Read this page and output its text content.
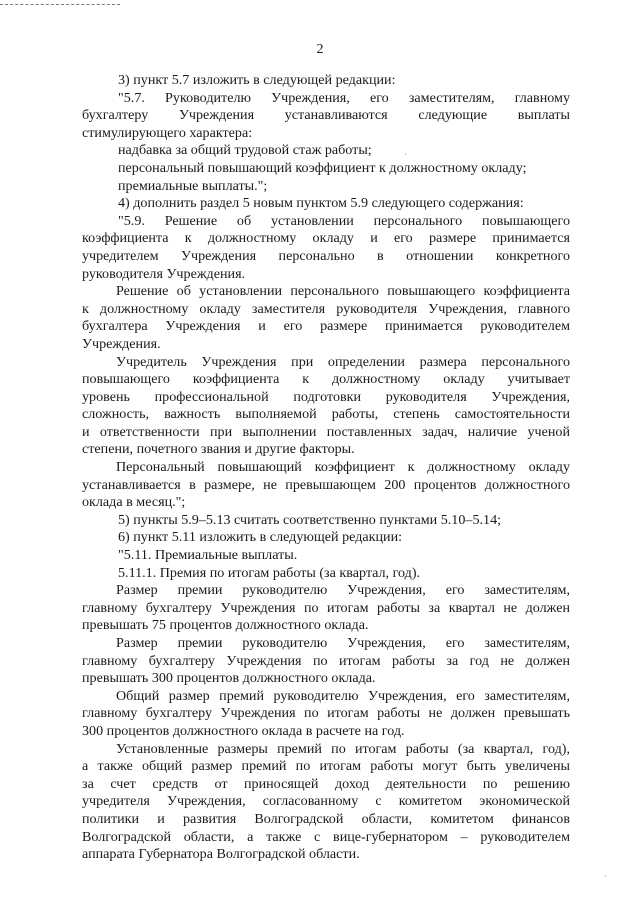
2

3) пункт 5.7 изложить в следующей редакции:

"5.7. Руководителю Учреждения, его заместителям, главному

бухгалтеру Учреждения устанавливаются следующие выплаты

стимулирующего характера:

надбавка за общий трудовой стаж работы;

персональный повышающий коэффициент к должностному окладу;

премиальные выплаты.";

4) дополнить раздел 5 новым пунктом 5.9 следующего содержания:

"5.9. Решение об установлении персонального повышающего

коэффициента к должностному окладу и его размере принимается

учредителем Учреждения персонально в отношении конкретного

руководителя Учреждения.

Решение об установлении персонального повышающего коэффициента

к должностному окладу заместителя руководителя Учреждения, главного

бухгалтера Учреждения и его размере принимается руководителем

Учреждения.

Учредитель Учреждения при определении размера персонального

повышающего коэффициента к должностному окладу учитывает

уровень профессиональной подготовки руководителя Учреждения,

сложность, важность выполняемой работы, степень самостоятельности

и ответственности при выполнении поставленных задач, наличие ученой

степени, почетного звания и другие факторы.

Персональный повышающий коэффициент к должностному окладу

устанавливается в размере, не превышающем 200 процентов должностного

оклада в месяц.";

5) пункты 5.9–5.13 считать соответственно пунктами 5.10–5.14;

6) пункт 5.11 изложить в следующей редакции:

"5.11. Премиальные выплаты.

5.11.1. Премия по итогам работы (за квартал, год).

Размер премии руководителю Учреждения, его заместителям,

главному бухгалтеру Учреждения по итогам работы за квартал не должен

превышать 75 процентов должностного оклада.

Размер премии руководителю Учреждения, его заместителям,

главному бухгалтеру Учреждения по итогам работы за год не должен

превышать 300 процентов должностного оклада.

Общий размер премий руководителю Учреждения, его заместителям,

главному бухгалтеру Учреждения по итогам работы не должен превышать

300 процентов должностного оклада в расчете на год.

Установленные размеры премий по итогам работы (за квартал, год),

а также общий размер премий по итогам работы могут быть увеличены

за счет средств от приносящей доход деятельности по решению

учредителя Учреждения, согласованному с комитетом экономической

политики и развития Волгоградской области, комитетом финансов

Волгоградской области, а также с вице-губернатором – руководителем

аппарата Губернатора Волгоградской области.

·
·
